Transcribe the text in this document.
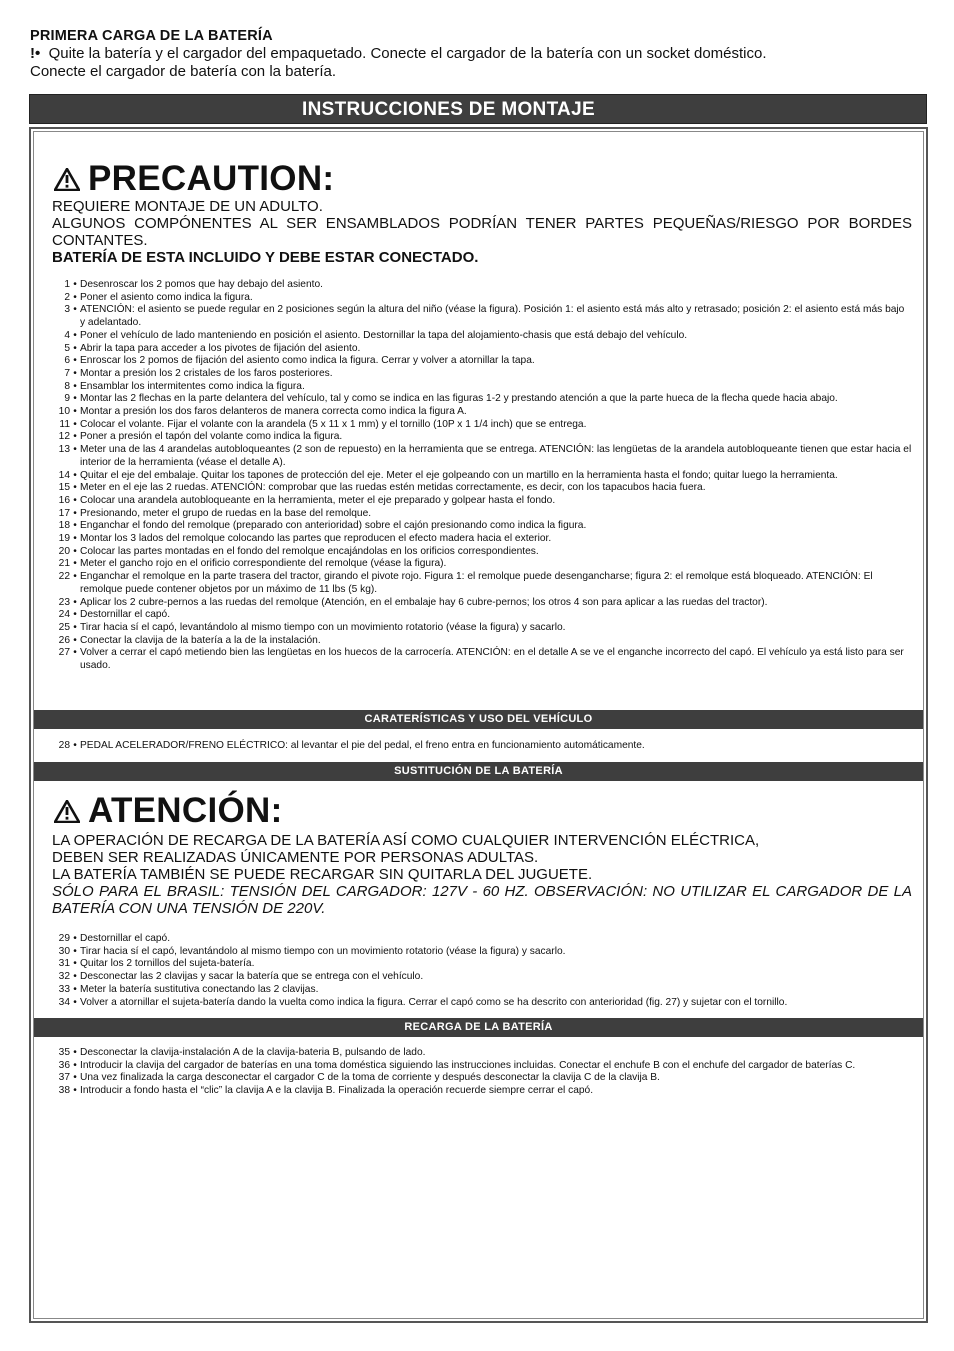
PRIMERA CARGA DE LA BATERÍA

!• Quite la batería y el cargador del empaquetado. Conecte el cargador de la batería con un socket doméstico.
Conecte el cargador de batería con la batería.

INSTRUCCIONES DE MONTAJE
PRECAUTION:

REQUIERE MONTAJE DE UN ADULTO.

ALGUNOS COMPÓNENTES AL SER ENSAMBLADOS PODRÍAN TENER PARTES PEQUEÑAS/RIESGO POR BORDES CONTANTES.

BATERÍA DE ESTA INCLUIDO Y DEBE ESTAR CONECTADO.

1 • Desenroscar los 2 pomos que hay debajo del asiento.
2 • Poner el asiento como indica la figura.
3 • ATENCIÓN: el asiento se puede regular en 2 posiciones según la altura del niño (véase la figura). Posición 1: el asiento está más alto y retrasado; posición 2: el asiento está más bajo y adelantado.
4 • Poner el vehículo de lado manteniendo en posición el asiento. Destornillar la tapa del alojamiento-chasis que está debajo del vehículo.
5 • Abrir la tapa para acceder a los pivotes de fijación del asiento.
6 • Enroscar los 2 pomos de fijación del asiento como indica la figura. Cerrar y volver a atornillar la tapa.
7 • Montar a presión los 2 cristales de los faros posteriores.
8 • Ensamblar los intermitentes como indica la figura.
9 • Montar las 2 flechas en la parte delantera del vehículo, tal y como se indica en las figuras 1-2 y prestando atención a que la parte hueca de la flecha quede hacia abajo.
10 • Montar a presión los dos faros delanteros de manera correcta como indica la figura A.
11 • Colocar el volante. Fijar el volante con la arandela (5 x 11 x 1 mm) y el tornillo (10P x 1 1/4 inch) que se entrega.
12 • Poner a presión el tapón del volante como indica la figura.
13 • Meter una de las 4 arandelas autobloqueantes (2 son de repuesto) en la herramienta que se entrega. ATENCIÓN: las lengüetas de la arandela autobloqueante tienen que estar hacia el interior de la herramienta (véase el detalle A).
14 • Quitar el eje del embalaje. Quitar los tapones de protección del eje. Meter el eje golpeando con un martillo en la herramienta hasta el fondo; quitar luego la herramienta.
15 • Meter en el eje las 2 ruedas. ATENCIÓN: comprobar que las ruedas estén metidas correctamente, es decir, con los tapacubos hacia fuera.
16 • Colocar una arandela autobloqueante en la herramienta, meter el eje preparado y golpear hasta el fondo.
17 • Presionando, meter el grupo de ruedas en la base del remolque.
18 • Enganchar el fondo del remolque (preparado con anterioridad) sobre el cajón presionando como indica la figura.
19 • Montar los 3 lados del remolque colocando las partes que reproducen el efecto madera hacia el exterior.
20 • Colocar las partes montadas en el fondo del remolque encajándolas en los orificios correspondientes.
21 • Meter el gancho rojo en el orificio correspondiente del remolque (véase la figura).
22 • Enganchar el remolque en la parte trasera del tractor, girando el pivote rojo. Figura 1: el remolque puede desengancharse; figura 2: el remolque está bloqueado. ATENCIÓN: El remolque puede contener objetos por un máximo de 11 lbs (5 kg).
23 • Aplicar los 2 cubre-pernos a las ruedas del remolque (Atención, en el embalaje hay 6 cubre-pernos; los otros 4 son para aplicar a las ruedas del tractor).
24 • Destornillar el capó.
25 • Tirar hacia sí el capó, levantándolo al mismo tiempo con un movimiento rotatorio (véase la figura) y sacarlo.
26 • Conectar la clavija de la batería a la de la instalación.
27 • Volver a cerrar el capó metiendo bien las lengüetas en los huecos de la carrocería. ATENCIÓN: en el detalle A se ve el enganche incorrecto del capó. El vehículo ya está listo para ser usado.
CARATERÍSTICAS Y USO DEL VEHÍCULO
28 • PEDAL ACELERADOR/FRENO ELÉCTRICO: al levantar el pie del pedal, el freno entra en funcionamiento automáticamente.
SUSTITUCIÓN DE LA BATERÍA
ATENCIÓN:

LA OPERACIÓN DE RECARGA DE LA BATERÍA ASÍ COMO CUALQUIER INTERVENCIÓN ELÉCTRICA,

DEBEN SER REALIZADAS ÚNICAMENTE POR PERSONAS ADULTAS.

LA BATERÍA TAMBIÉN SE PUEDE RECARGAR SIN QUITARLA DEL JUGUETE.

SÓLO PARA EL BRASIL: TENSIÓN DEL CARGADOR: 127V - 60 HZ. OBSERVACIÓN: NO UTILIZAR EL CARGADOR DE LA BATERÍA CON UNA TENSIÓN DE 220V.

29 • Destornillar el capó.
30 • Tirar hacia sí el capó, levantándolo al mismo tiempo con un movimiento rotatorio (véase la figura) y sacarlo.
31 • Quitar los 2 tornillos del sujeta-batería.
32 • Desconectar las 2 clavijas y sacar la batería que se entrega con el vehículo.
33 • Meter la batería sustitutiva conectando las 2 clavijas.
34 • Volver a atornillar el sujeta-batería dando la vuelta como indica la figura. Cerrar el capó como se ha descrito con anterioridad (fig. 27) y sujetar con el tornillo.
RECARGA DE LA BATERÍA
35 • Desconectar la clavija-instalación A de la clavija-bateria B, pulsando de lado.
36 • Introducir la clavija del cargador de baterías en una toma doméstica siguiendo las instrucciones incluidas. Conectar el enchufe B con el enchufe del cargador de baterías C.
37 • Una vez finalizada la carga desconectar el cargador C de la toma de corriente y después desconectar la clavija C de la clavija B.
38 • Introducir a fondo hasta el “clic” la clavija A e la clavija B. Finalizada la operación recuerde siempre cerrar el capó.
